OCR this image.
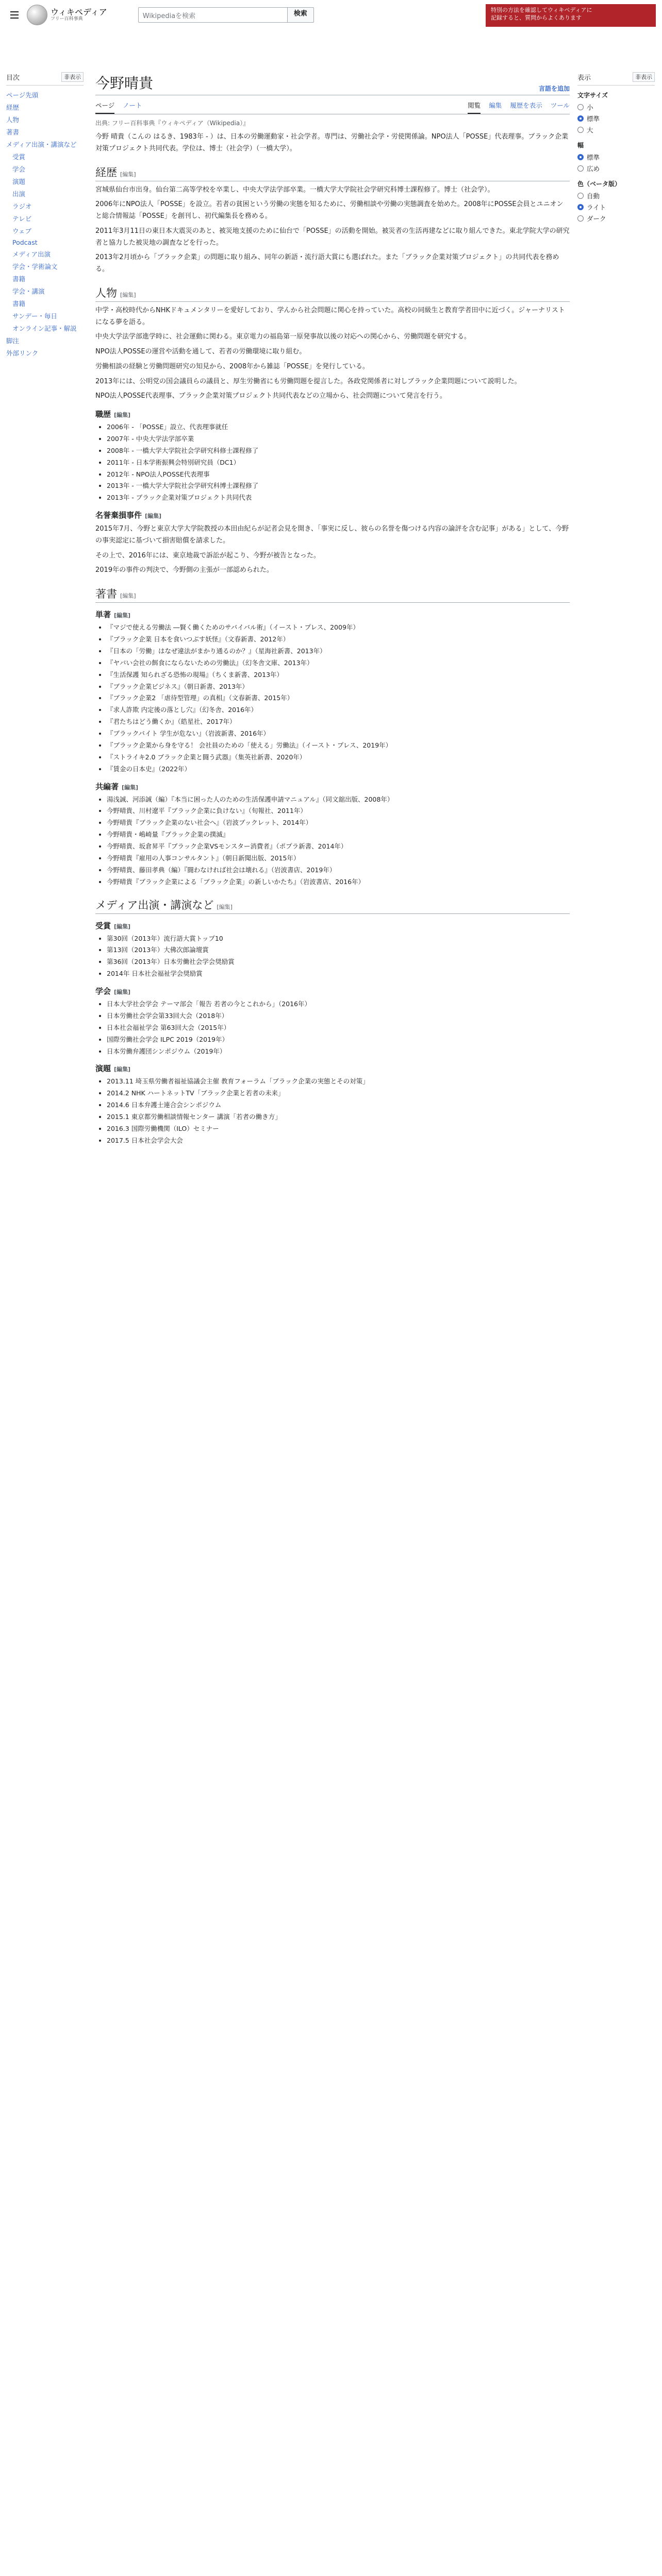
ウィキペディア
フリー百科事典	Wikipediaを検索	検索	特別の方法を確認してウィキペディアに
記録すると、質問からよくあります
目次	非表示
ページ先頭
経歴
人物
著書
メディア出演・講演など
受賞
学会
演題
出演
ラジオ
テレビ
ウェブ
Podcast
メディア出演
学会・学術論文
書籍
学会・講演
書籍
サンデー・毎日
オンライン記事・解説
脚注
外部リンク
今野晴貴	言語を追加
ページ ノート	閲覧 編集 履歴を表示 ツール
出典: フリー百科事典『ウィキペディア（Wikipedia）』

今野 晴貴（こんの はるき、1983年 - ）は、日本の労働運動家・社会学者。専門は、労働社会学・労使関係論。NPO法人「POSSE」代表理事。ブラック企業対策プロジェクト共同代表。学位は、博士（社会学）（一橋大学）。

経歴 [編集]

宮城県仙台市出身。仙台第二高等学校を卒業し、中央大学法学部卒業。一橋大学大学院社会学研究科博士課程修了。博士（社会学）。

2006年にNPO法人「POSSE」を設立。若者の貧困という労働の実態を知るために、労働相談や労働の実態調査を始めた。2008年にPOSSE会員とユニオンと総合情報誌「POSSE」を創刊し、初代編集長を務める。

2011年3月11日の東日本大震災のあと、被災地支援のために仙台で「POSSE」の活動を開始。被災者の生活再建などに取り組んできた。東北学院大学の研究者と協力した被災地の調査などを行った。

2013年2月頃から「ブラック企業」の問題に取り組み、同年の新語・流行語大賞にも選ばれた。また「ブラック企業対策プロジェクト」の共同代表を務める。

人物 [編集]

中学・高校時代からNHKドキュメンタリーを愛好しており、学んから社会問題に関心を持っていた。高校の同級生と教育学者田中に近づく。ジャーナリストになる夢を語る。

中央大学法学部進学時に、社会運動に関わる。東京電力の福島第一原発事故以後の対応への関心から、労働問題を研究する。

NPO法人POSSEの運営や活動を通して、若者の労働環境に取り組む。

労働相談の経験と労働問題研究の知見から、2008年から雑誌「POSSE」を発行している。

2013年には、公明党の国会議員らの議員と、厚生労働省にも労働問題を提言した。各政党関係者に対しブラック企業問題について説明した。

NPO法人POSSE代表理事、ブラック企業対策プロジェクト共同代表などの立場から、社会問題について発言を行う。

職歴 [編集]
• 2006年 - 「POSSE」設立、代表理事就任
• 2007年 - 中央大学法学部卒業
• 2008年 - 一橋大学大学院社会学研究科修士課程修了
• 2011年 - 日本学術振興会特別研究員（DC1）
• 2012年 - NPO法人POSSE代表理事
• 2013年 - 一橋大学大学院社会学研究科博士課程修了
• 2013年 - ブラック企業対策プロジェクト共同代表
名誉棄損事件 [編集]

2015年7月、今野と東京大学大学院教授の本田由紀らが記者会見を開き、「事実に反し、彼らの名誉を傷つける内容の論評を含む記事」がある」として、今野の事実認定に基づいて損害賠償を請求した。

その上で、2016年には、東京地裁で訴訟が起こり、今野が被告となった。

2019年の事件の判決で、今野側の主張が一部認められた。

著書 [編集]
単著 [編集]
• 『マジで使える労働法 ―賢く働くためのサバイバル術』（イースト・プレス、2009年）
• 『ブラック企業 日本を食いつぶす妖怪』（文春新書、2012年）
• 『日本の「労働」はなぜ違法がまかり通るのか？』（星海社新書、2013年）
• 『ヤバい会社の餌食にならないための労働法』（幻冬舎文庫、2013年）
• 『生活保護 知られざる恐怖の現場』（ちくま新書、2013年）
• 『ブラック企業ビジネス』（朝日新書、2013年）
• 『ブラック企業2 「虐待型管理」の真相』（文春新書、2015年）
• 『求人詐欺 内定後の落とし穴』（幻冬舎、2016年）
• 『君たちはどう働くか』（皓星社、2017年）
• 『ブラックバイト 学生が危ない』（岩波新書、2016年）
• 『ブラック企業から身を守る！ 会社員のための「使える」労働法』（イースト・プレス、2019年）
• 『ストライキ2.0 ブラック企業と闘う武器』（集英社新書、2020年）
• 『賃金の日本史』（2022年）
共編著 [編集]
• 湯浅誠、河添誠（編）『本当に困った人のための生活保護申請マニュアル』（同文舘出版、2008年）
• 今野晴貴、川村遼平『ブラック企業に負けない』（旬報社、2011年）
• 今野晴貴『ブラック企業のない社会へ』（岩波ブックレット、2014年）
• 今野晴貴・嶋崎量『ブラック企業の撲滅』
• 今野晴貴、坂倉昇平『ブラック企業VSモンスター消費者』（ポプラ新書、2014年）
• 今野晴貴『雇用の人事コンサルタント』（朝日新聞出版、2015年）
• 今野晴貴、藤田孝典（編）『闘わなければ社会は壊れる』（岩波書店、2019年）
• 今野晴貴『ブラック企業による「ブラック企業」の新しいかたち』（岩波書店、2016年）
メディア出演・講演など [編集]
受賞 [編集]
• 第30回（2013年）流行語大賞トップ10
• 第13回（2013年）大佛次郎論壇賞
• 第36回（2013年）日本労働社会学会奨励賞
• 2014年 日本社会福祉学会奨励賞
学会 [編集]
• 日本大学社会学会 テーマ部会「報告 若者の今とこれから」（2016年）
• 日本労働社会学会第33回大会（2018年）
• 日本社会福祉学会 第63回大会（2015年）
• 国際労働社会学会 ILPC 2019（2019年）
• 日本労働弁護団シンポジウム（2019年）
演題 [編集]
• 2013.11 埼玉県労働者福祉協議会主催 教育フォーラム「ブラック企業の実態とその対策」
• 2014.2 NHK ハートネットTV「ブラック企業と若者の未来」
• 2014.6 日本弁護士連合会シンポジウム
• 2015.1 東京都労働相談情報センター 講演「若者の働き方」
• 2016.3 国際労働機関（ILO）セミナー
• 2017.5 日本社会学会大会
表示	非表示
文字サイズ
小
標準
大
幅
標準
広め
色（ベータ版）
自動
ライト
ダーク
